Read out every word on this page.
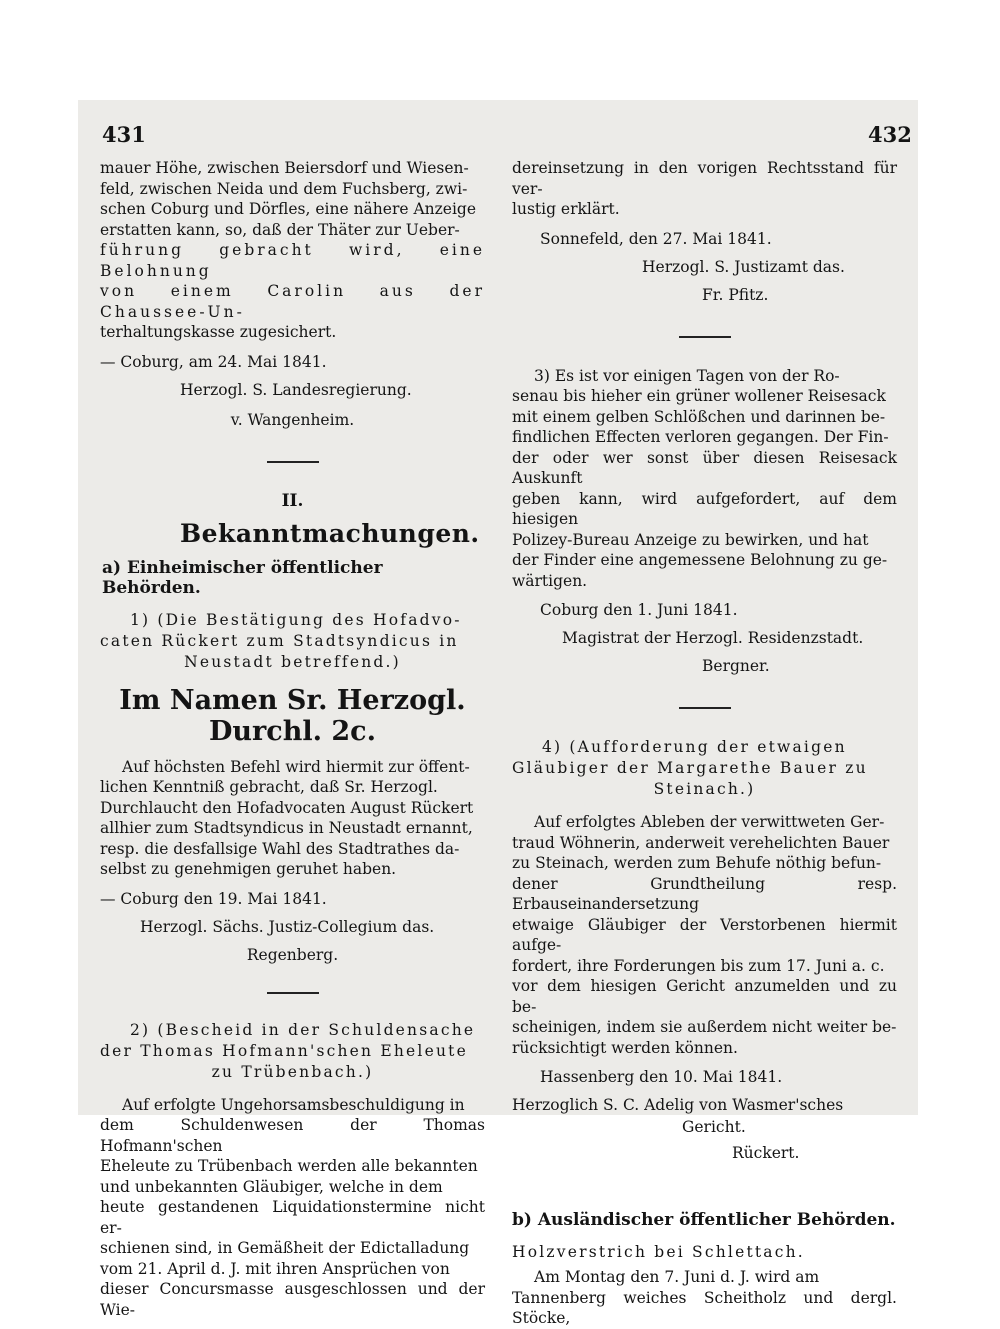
431	432
mauer Höhe, zwischen Beiersdorf und Wiesen-
feld, zwischen Neida und dem Fuchsberg, zwi-
schen Coburg und Dörfles, eine nähere Anzeige
erstatten kann, so, daß der Thäter zur Ueber-
führung gebracht wird, eine Belohnung
von einem Carolin aus der Chaussee-Un-
terhaltungskasse zugesichert.
— Coburg, am 24. Mai 1841.
Herzogl. S. Landesregierung.
v. Wangenheim.
II.
Bekanntmachungen.
a) Einheimischer öffentlicher Behörden.
1) (Die Bestätigung des Hofadvo-
caten Rückert zum Stadtsyndicus in
Neustadt betreffend.)
Im Namen Sr. Herzogl. Durchl. 2c.
Auf höchsten Befehl wird hiermit zur öffent-
lichen Kenntniß gebracht, daß Sr. Herzogl.
Durchlaucht den Hofadvocaten August Rückert
allhier zum Stadtsyndicus in Neustadt ernannt,
resp. die desfallsige Wahl des Stadtrathes da-
selbst zu genehmigen geruhet haben.
— Coburg den 19. Mai 1841.
Herzogl. Sächs. Justiz-Collegium das.
Regenberg.
2) (Bescheid in der Schuldensache
der Thomas Hofmann'schen Eheleute
zu Trübenbach.)
Auf erfolgte Ungehorsamsbeschuldigung in
dem Schuldenwesen der Thomas Hofmann'schen
Eheleute zu Trübenbach werden alle bekannten
und unbekannten Gläubiger, welche in dem
heute gestandenen Liquidationstermine nicht er-
schienen sind, in Gemäßheit der Edictalladung
vom 21. April d. J. mit ihren Ansprüchen von
dieser Concursmasse ausgeschlossen und der Wie-
dereinsetzung in den vorigen Rechtsstand für ver-
lustig erklärt.
Sonnefeld, den 27. Mai 1841.
Herzogl. S. Justizamt das.
Fr. Pfitz.
3) Es ist vor einigen Tagen von der Ro-
senau bis hieher ein grüner wollener Reisesack
mit einem gelben Schlößchen und darinnen be-
findlichen Effecten verloren gegangen. Der Fin-
der oder wer sonst über diesen Reisesack Auskunft
geben kann, wird aufgefordert, auf dem hiesigen
Polizey-Bureau Anzeige zu bewirken, und hat
der Finder eine angemessene Belohnung zu ge-
wärtigen.
Coburg den 1. Juni 1841.
Magistrat der Herzogl. Residenzstadt.
Bergner.
4) (Aufforderung der etwaigen
Gläubiger der Margarethe Bauer zu
Steinach.)
Auf erfolgtes Ableben der verwittweten Ger-
traud Wöhnerin, anderweit verehelichten Bauer
zu Steinach, werden zum Behufe nöthig befun-
dener Grundtheilung resp. Erbauseinandersetzung
etwaige Gläubiger der Verstorbenen hiermit aufge-
fordert, ihre Forderungen bis zum 17. Juni a. c.
vor dem hiesigen Gericht anzumelden und zu be-
scheinigen, indem sie außerdem nicht weiter be-
rücksichtigt werden können.
Hassenberg den 10. Mai 1841.
Herzoglich S. C. Adelig von Wasmer'sches
Gericht.
Rückert.
b) Ausländischer öffentlicher Behörden.
Holzverstrich bei Schlettach.
Am Montag den 7. Juni d. J. wird am
Tannenberg weiches Scheitholz und dergl. Stöcke,
